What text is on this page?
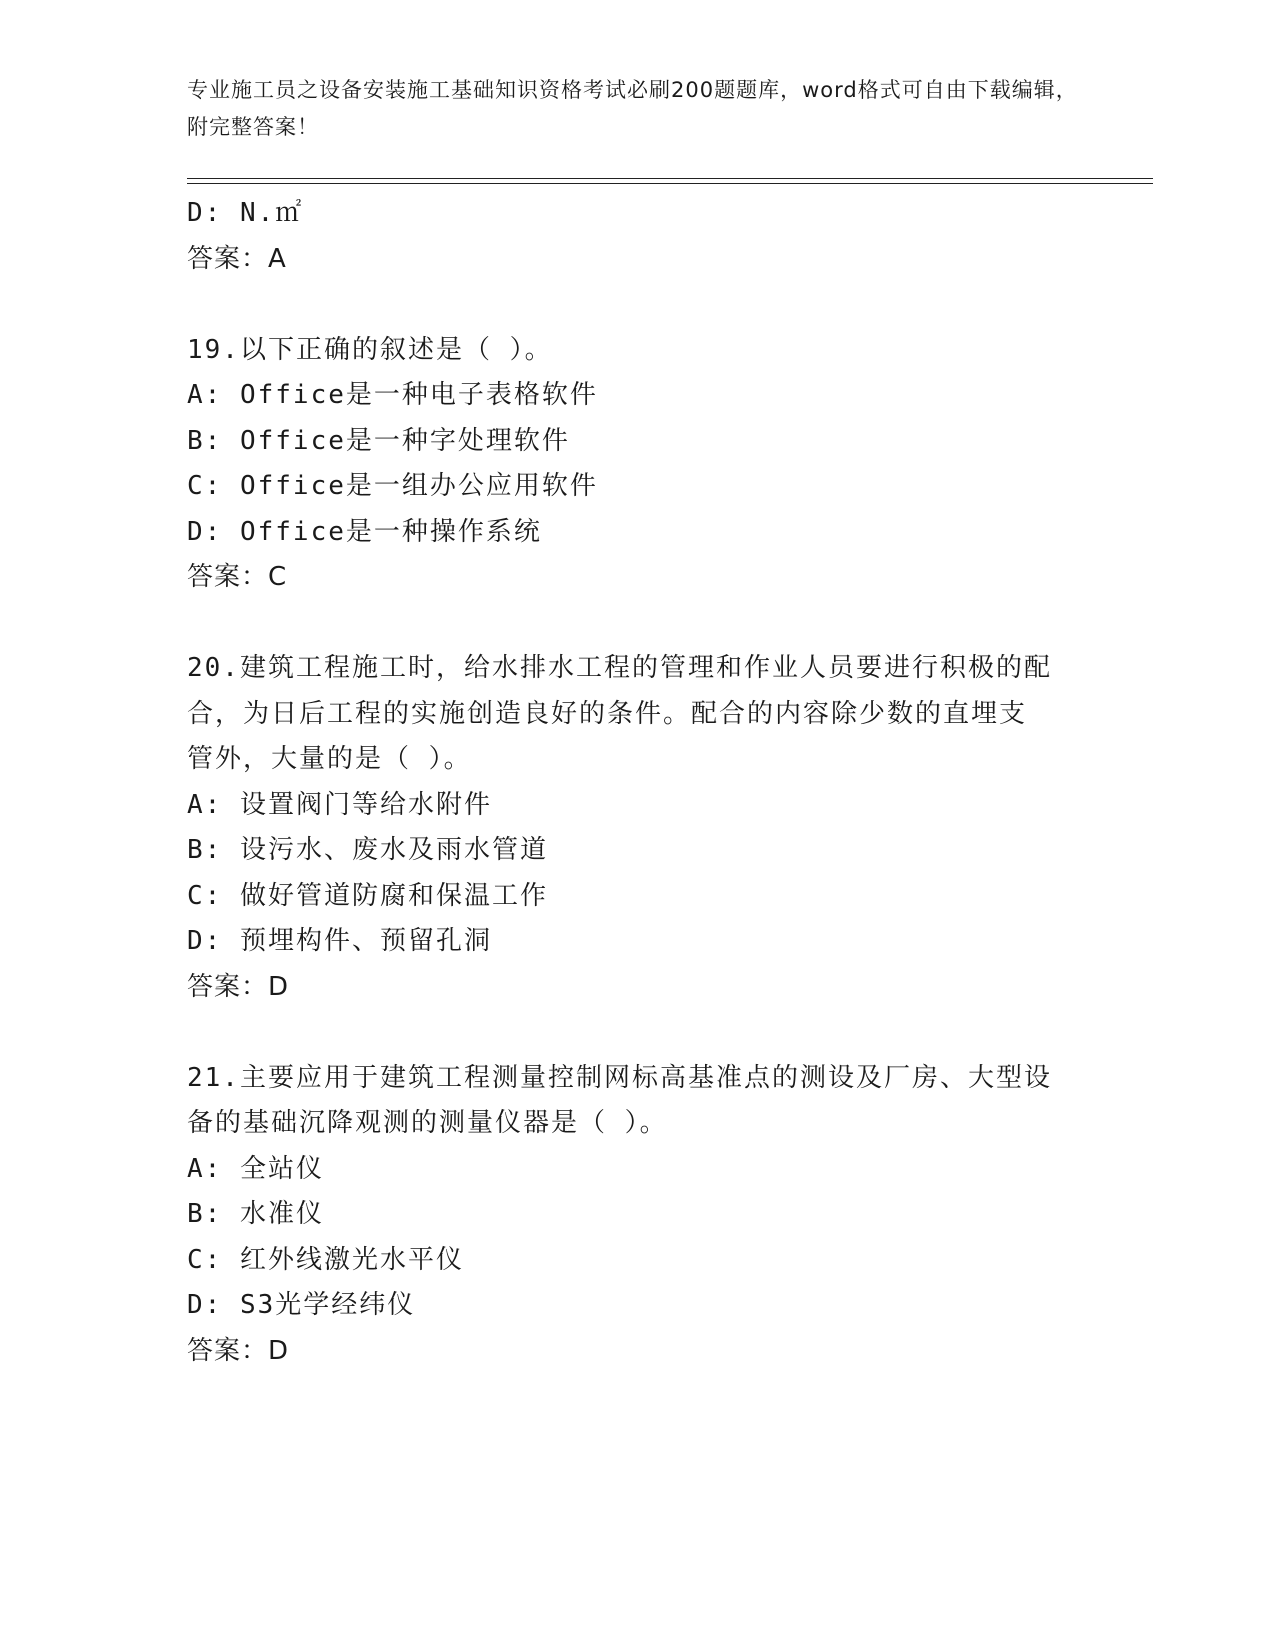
专业施工员之设备安装施工基础知识资格考试必刷200题题库，word格式可自由下载编辑，附完整答案！
D: N.㎡
答案：A
19.以下正确的叙述是（ ）。
A: Office是一种电子表格软件
B: Office是一种字处理软件
C: Office是一组办公应用软件
D: Office是一种操作系统
答案：C
20.建筑工程施工时，给水排水工程的管理和作业人员要进行积极的配
合，为日后工程的实施创造良好的条件。配合的内容除少数的直埋支
管外，大量的是（ ）。
A: 设置阀门等给水附件
B: 设污水、废水及雨水管道
C: 做好管道防腐和保温工作
D: 预埋构件、预留孔洞
答案：D
21.主要应用于建筑工程测量控制网标高基准点的测设及厂房、大型设
备的基础沉降观测的测量仪器是（ ）。
A: 全站仪
B: 水准仪
C: 红外线激光水平仪
D: S3光学经纬仪
答案：D
